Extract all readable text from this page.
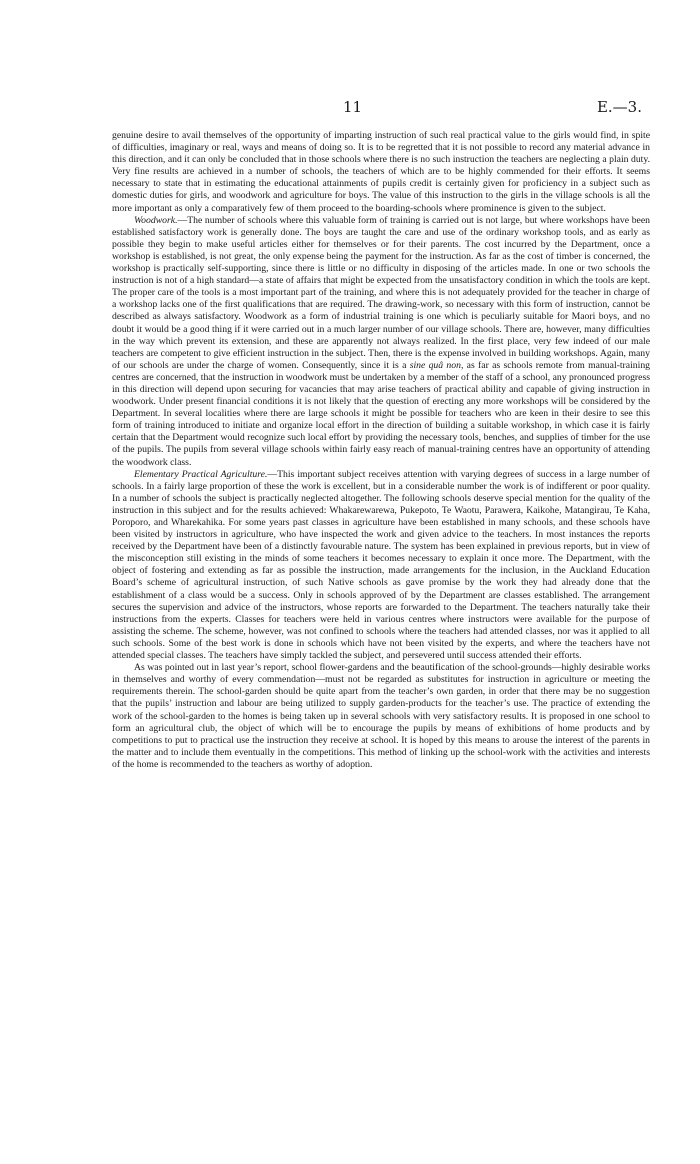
11	E.—3.

genuine desire to avail themselves of the opportunity of imparting instruction of such real practical value to the girls would find, in spite of difficulties, imaginary or real, ways and means of doing so. It is to be regretted that it is not possible to record any material advance in this direction, and it can only be concluded that in those schools where there is no such instruction the teachers are neglecting a plain duty. Very fine results are achieved in a number of schools, the teachers of which are to be highly commended for their efforts. It seems necessary to state that in estimating the educational attainments of pupils credit is certainly given for proficiency in a subject such as domestic duties for girls, and woodwork and agriculture for boys. The value of this instruction to the girls in the village schools is all the more important as only a comparatively few of them proceed to the boarding-schools where prominence is given to the subject.

Woodwork.—The number of schools where this valuable form of training is carried out is not large, but where workshops have been established satisfactory work is generally done. The boys are taught the care and use of the ordinary workshop tools, and as early as possible they begin to make useful articles either for themselves or for their parents. The cost incurred by the Department, once a workshop is established, is not great, the only expense being the payment for the instruction. As far as the cost of timber is concerned, the workshop is practically self-supporting, since there is little or no difficulty in disposing of the articles made. In one or two schools the instruction is not of a high standard—a state of affairs that might be expected from the unsatisfactory condition in which the tools are kept. The proper care of the tools is a most important part of the training, and where this is not adequately provided for the teacher in charge of a workshop lacks one of the first qualifications that are required. The drawing-work, so necessary with this form of instruction, cannot be described as always satisfactory. Woodwork as a form of industrial training is one which is peculiarly suitable for Maori boys, and no doubt it would be a good thing if it were carried out in a much larger number of our village schools. There are, however, many difficulties in the way which prevent its extension, and these are apparently not always realized. In the first place, very few indeed of our male teachers are competent to give efficient instruction in the subject. Then, there is the expense involved in building workshops. Again, many of our schools are under the charge of women. Consequently, since it is a sine quâ non, as far as schools remote from manual-training centres are concerned, that the instruction in woodwork must be undertaken by a member of the staff of a school, any pronounced progress in this direction will depend upon securing for vacancies that may arise teachers of practical ability and capable of giving instruction in woodwork. Under present financial conditions it is not likely that the question of erecting any more workshops will be considered by the Department. In several localities where there are large schools it might be possible for teachers who are keen in their desire to see this form of training introduced to initiate and organize local effort in the direction of building a suitable workshop, in which case it is fairly certain that the Department would recognize such local effort by providing the necessary tools, benches, and supplies of timber for the use of the pupils. The pupils from several village schools within fairly easy reach of manual-training centres have an opportunity of attending the woodwork class.

Elementary Practical Agriculture.—This important subject receives attention with varying degrees of success in a large number of schools. In a fairly large proportion of these the work is excellent, but in a considerable number the work is of indifferent or poor quality. In a number of schools the subject is practically neglected altogether. The following schools deserve special mention for the quality of the instruction in this subject and for the results achieved: Whakarewarewa, Pukepoto, Te Waotu, Parawera, Kaikohe, Matangirau, Te Kaha, Poroporo, and Wharekahika. For some years past classes in agriculture have been established in many schools, and these schools have been visited by instructors in agriculture, who have inspected the work and given advice to the teachers. In most instances the reports received by the Department have been of a distinctly favourable nature. The system has been explained in previous reports, but in view of the misconception still existing in the minds of some teachers it becomes necessary to explain it once more. The Department, with the object of fostering and extending as far as possible the instruction, made arrangements for the inclusion, in the Auckland Education Board’s scheme of agricultural instruction, of such Native schools as gave promise by the work they had already done that the establishment of a class would be a success. Only in schools approved of by the Department are classes established. The arrangement secures the supervision and advice of the instructors, whose reports are forwarded to the Department. The teachers naturally take their instructions from the experts. Classes for teachers were held in various centres where instructors were available for the purpose of assisting the scheme. The scheme, however, was not confined to schools where the teachers had attended classes, nor was it applied to all such schools. Some of the best work is done in schools which have not been visited by the experts, and where the teachers have not attended special classes. The teachers have simply tackled the subject, and persevered until success attended their efforts.

As was pointed out in last year’s report, school flower-gardens and the beautification of the school-grounds—highly desirable works in themselves and worthy of every commendation—must not be regarded as substitutes for instruction in agriculture or meeting the requirements therein. The school-garden should be quite apart from the teacher’s own garden, in order that there may be no suggestion that the pupils’ instruction and labour are being utilized to supply garden-products for the teacher’s use. The practice of extending the work of the school-garden to the homes is being taken up in several schools with very satisfactory results. It is proposed in one school to form an agricultural club, the object of which will be to encourage the pupils by means of exhibitions of home products and by competitions to put to practical use the instruction they receive at school. It is hoped by this means to arouse the interest of the parents in the matter and to include them eventually in the competitions. This method of linking up the school-work with the activities and interests of the home is recommended to the teachers as worthy of adoption.
